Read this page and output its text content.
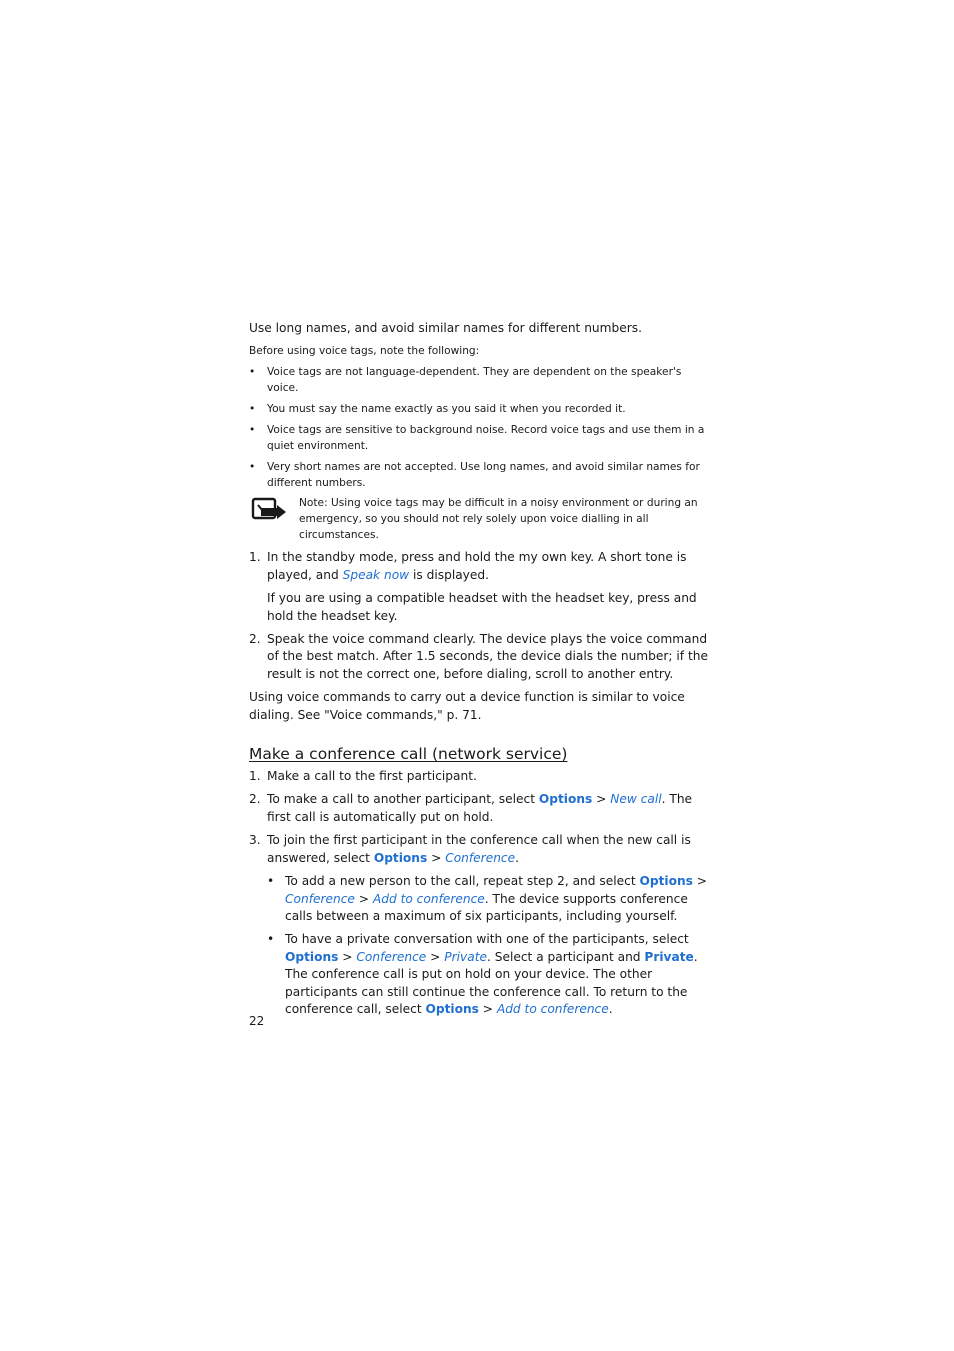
Use long names, and avoid similar names for different numbers.

Before using voice tags, note the following:

• Voice tags are not language-dependent. They are dependent on the speaker's voice.
• You must say the name exactly as you said it when you recorded it.
• Voice tags are sensitive to background noise. Record voice tags and use them in a quiet environment.
• Very short names are not accepted. Use long names, and avoid similar names for different numbers.

Note: Using voice tags may be difficult in a noisy environment or during an emergency, so you should not rely solely upon voice dialling in all circumstances.

1. In the standby mode, press and hold the my own key. A short tone is played, and Speak now is displayed.

If you are using a compatible headset with the headset key, press and hold the headset key.

2. Speak the voice command clearly. The device plays the voice command of the best match. After 1.5 seconds, the device dials the number; if the result is not the correct one, before dialing, scroll to another entry.

Using voice commands to carry out a device function is similar to voice dialing. See "Voice commands," p. 71.

Make a conference call (network service)
1. Make a call to the first participant.
2. To make a call to another participant, select Options > New call. The first call is automatically put on hold.
3. To join the first participant in the conference call when the new call is answered, select Options > Conference.
• To add a new person to the call, repeat step 2, and select Options > Conference > Add to conference. The device supports conference calls between a maximum of six participants, including yourself.
• To have a private conversation with one of the participants, select Options > Conference > Private. Select a participant and Private. The conference call is put on hold on your device. The other participants can still continue the conference call. To return to the conference call, select Options > Add to conference.
22
